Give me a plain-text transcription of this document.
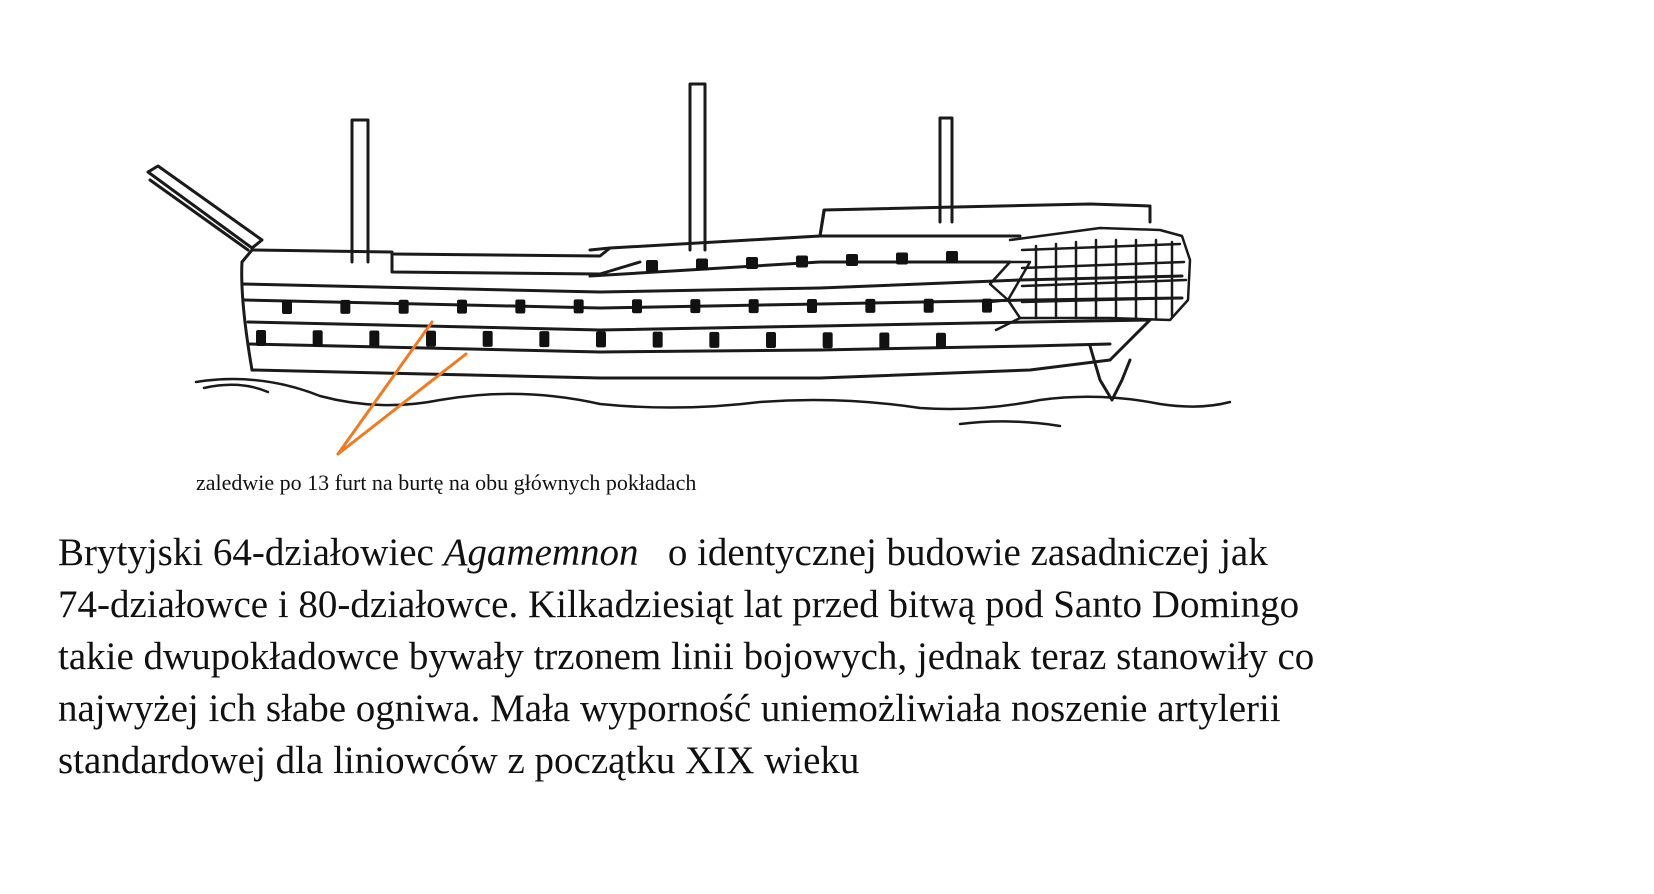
zaledwie po 13 furt na burtę na obu głównych pokładach
Brytyjski 64-działowiec Agamemnon o identycznej budowie zasadniczej jak
74-działowce i 80-działowce. Kilkadziesiąt lat przed bitwą pod Santo Domingo
takie dwupokładowce bywały trzonem linii bojowych, jednak teraz stanowiły co
najwyżej ich słabe ogniwa. Mała wyporność uniemożliwiała noszenie artylerii
standardowej dla liniowców z początku XIX wieku
